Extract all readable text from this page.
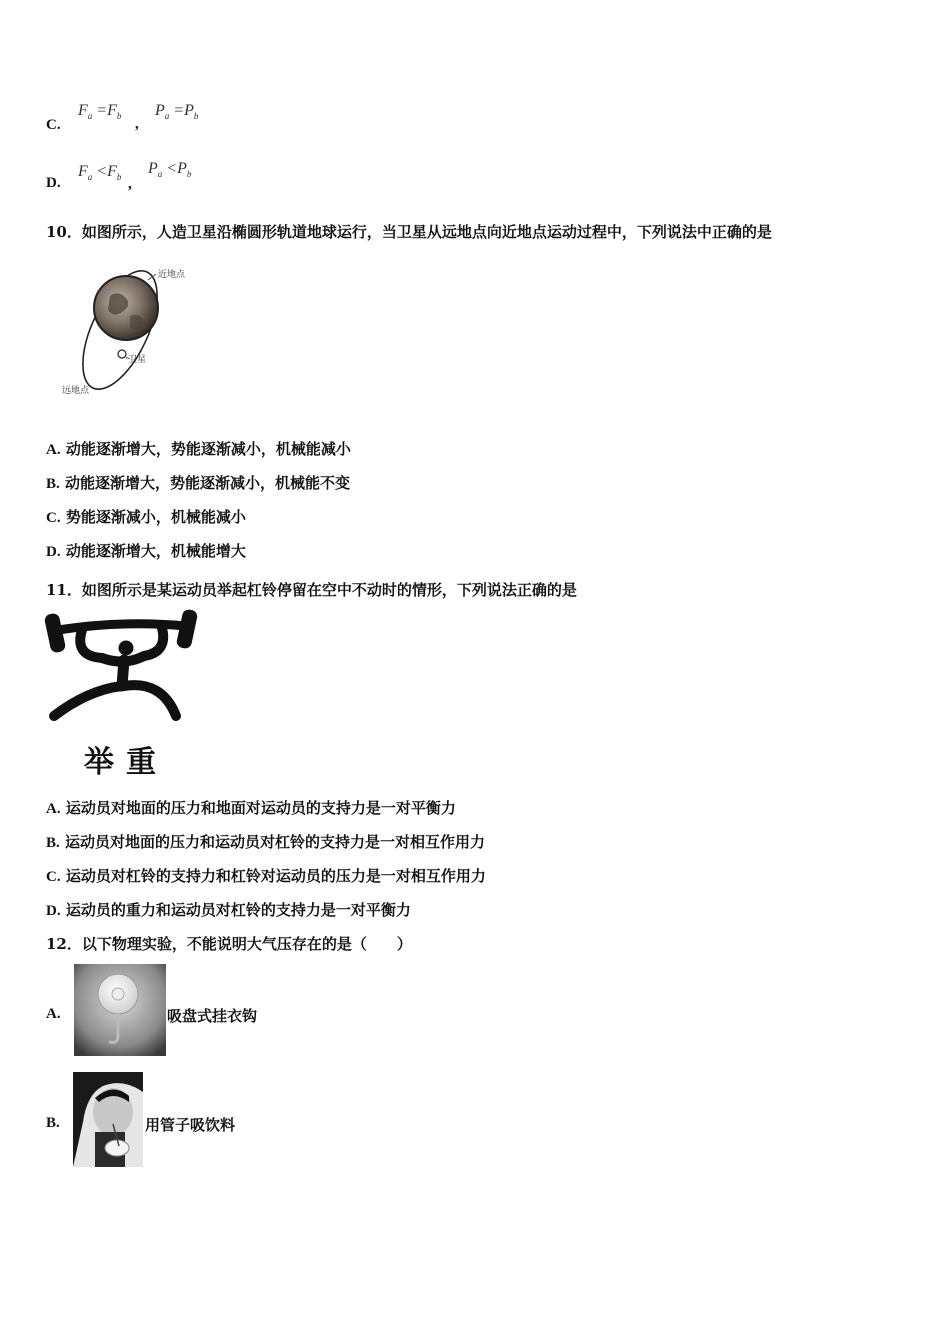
C.
$F_a =F_b$ ,
$P_a =P_b$
D.
$F_a <F_b$ ,
$P_a <P_b$
10．如图所示，人造卫星沿椭圆形轨道地球运行，当卫星从远地点向近地点运动过程中，下列说法中正确的是
近地点
卫星
远地点
A. 动能逐渐增大，势能逐渐减小，机械能减小
B. 动能逐渐增大，势能逐渐减小，机械能不变
C. 势能逐渐减小，机械能减小
D. 动能逐渐增大，机械能增大
11．如图所示是某运动员举起杠铃停留在空中不动时的情形，下列说法正确的是
举重
A. 运动员对地面的压力和地面对运动员的支持力是一对平衡力
B. 运动员对地面的压力和运动员对杠铃的支持力是一对相互作用力
C. 运动员对杠铃的支持力和杠铃对运动员的压力是一对相互作用力
D. 运动员的重力和运动员对杠铃的支持力是一对平衡力
12．以下物理实验，不能说明大气压存在的是（　　）
A.	吸盘式挂衣钩
B.	用管子吸饮料
